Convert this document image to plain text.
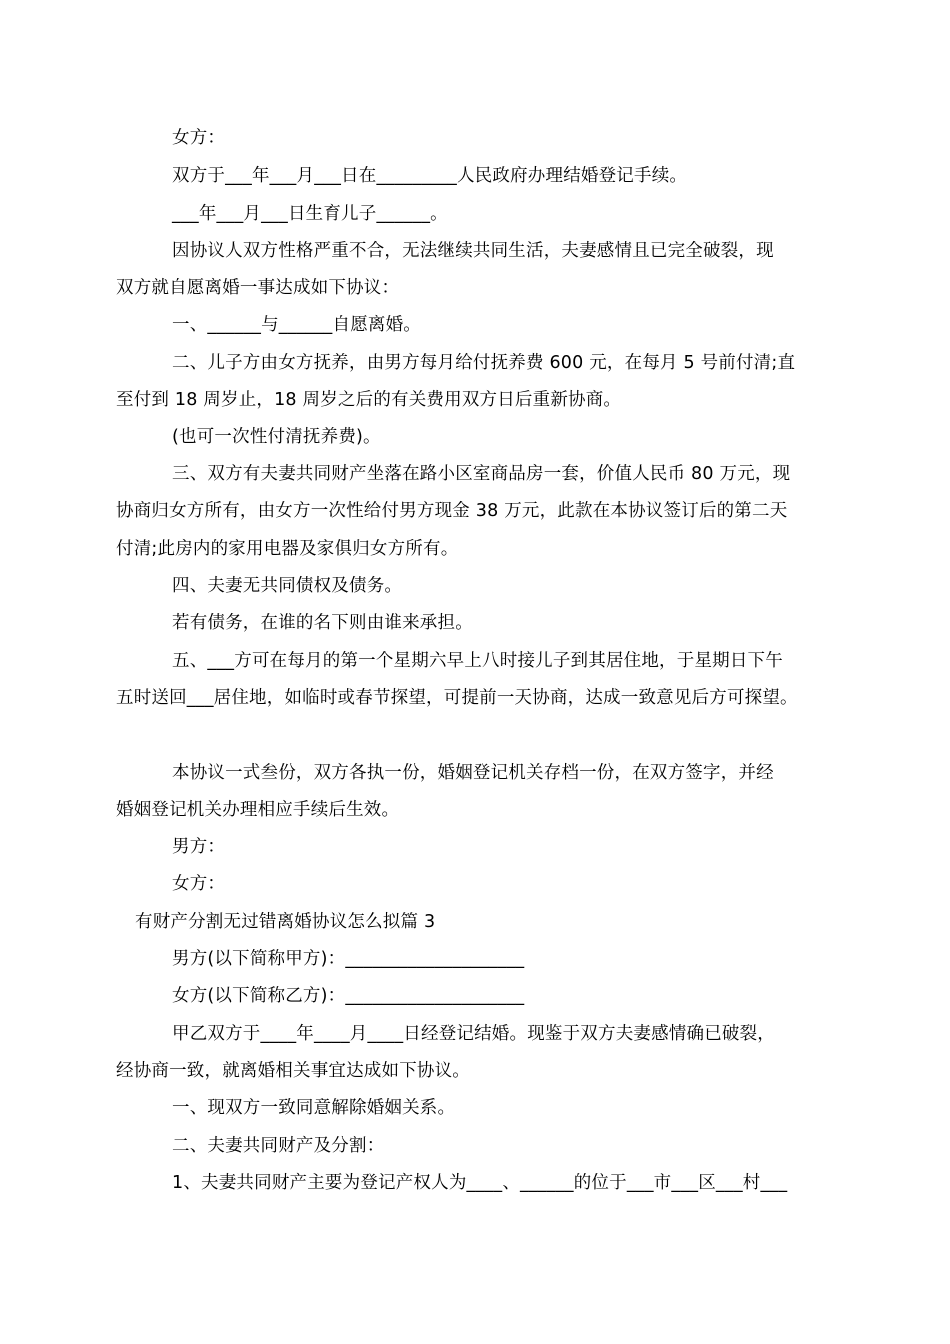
女方：
双方于___年___月___日在_________人民政府办理结婚登记手续。
___年___月___日生育儿子______。
因协议人双方性格严重不合，无法继续共同生活，夫妻感情且已完全破裂，现
双方就自愿离婚一事达成如下协议：
一、______与______自愿离婚。
二、儿子方由女方抚养，由男方每月给付抚养费 600 元，在每月 5 号前付清;直
至付到 18 周岁止，18 周岁之后的有关费用双方日后重新协商。
(也可一次性付清抚养费)。
三、双方有夫妻共同财产坐落在路小区室商品房一套，价值人民币 80 万元，现
协商归女方所有，由女方一次性给付男方现金 38 万元，此款在本协议签订后的第二天
付清;此房内的家用电器及家俱归女方所有。
四、夫妻无共同债权及债务。
若有债务，在谁的名下则由谁来承担。
五、___方可在每月的第一个星期六早上八时接儿子到其居住地，于星期日下午
五时送回___居住地，如临时或春节探望，可提前一天协商，达成一致意见后方可探望。
本协议一式叁份，双方各执一份，婚姻登记机关存档一份，在双方签字，并经
婚姻登记机关办理相应手续后生效。
男方：
女方：
有财产分割无过错离婚协议怎么拟篇 3
男方(以下简称甲方)：____________________
女方(以下简称乙方)：____________________
甲乙双方于____年____月____日经登记结婚。现鉴于双方夫妻感情确已破裂，
经协商一致，就离婚相关事宜达成如下协议。
一、现双方一致同意解除婚姻关系。
二、夫妻共同财产及分割：
1、夫妻共同财产主要为登记产权人为____、______的位于___市___区___村___
